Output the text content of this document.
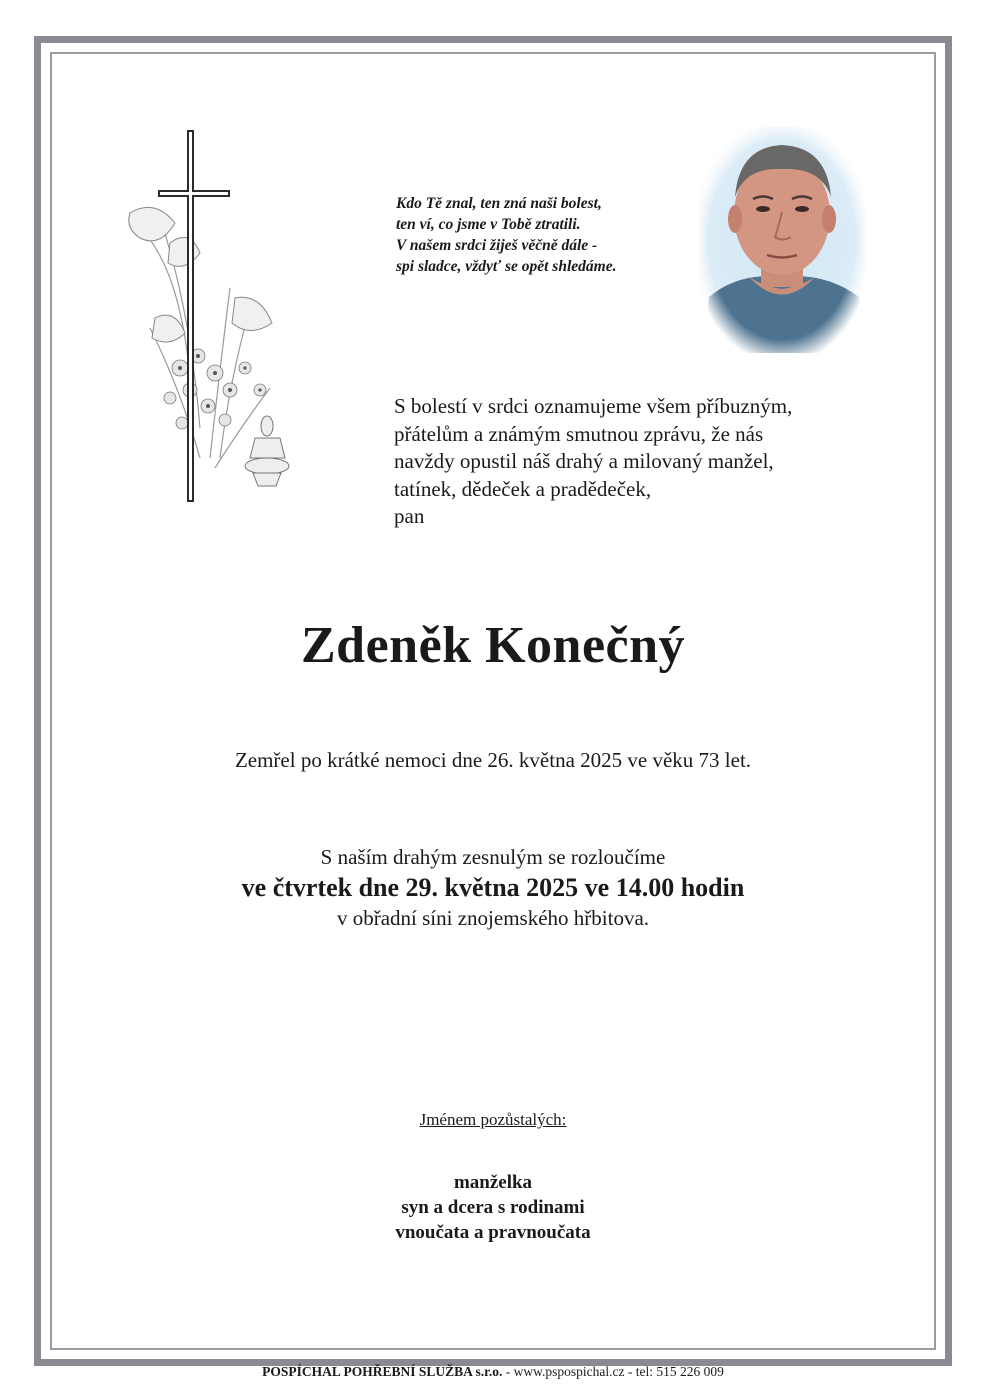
Kdo Tě znal, ten zná naši bolest,
ten ví, co jsme v Tobě ztratili.
V našem srdci žiješ věčně dále -
spi sladce, vždyť se opět shledáme.
S bolestí v srdci oznamujeme všem příbuzným,
přátelům a známým smutnou zprávu, že nás
navždy opustil náš drahý a milovaný manžel,
tatínek, dědeček a pradědeček,
pan
Zdeněk Konečný
Zemřel po krátké nemoci dne 26. května 2025 ve věku 73 let.
S naším drahým zesnulým se rozloučíme
ve čtvrtek dne 29. května 2025 ve 14.00 hodin
v obřadní síni znojemského hřbitova.
Jménem pozůstalých:
manželka
syn a dcera s rodinami
vnoučata a pravnoučata
POSPÍCHAL POHŘEBNÍ SLUŽBA s.r.o. - www.pspospichal.cz - tel: 515 226 009
